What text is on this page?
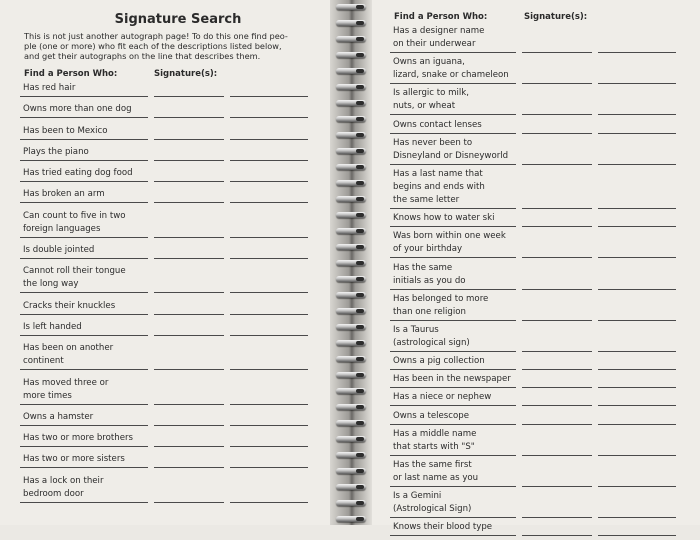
Signature Search
This is not just another autograph page! To do this one find peo-
ple (one or more) who fit each of the descriptions listed below,
and get their autographs on the line that describes them.
Find a Person Who:	Signature(s):
Has red hair
Owns more than one dog
Has been to Mexico
Plays the piano
Has tried eating dog food
Has broken an arm
Can count to five in two
foreign languages
Is double jointed
Cannot roll their tongue
the long way
Cracks their knuckles
Is left handed
Has been on another
continent
Has moved three or
more times
Owns a hamster
Has two or more brothers
Has two or more sisters
Has a lock on their
bedroom door
Find a Person Who:	Signature(s):
Has a designer name
on their underwear
Owns an iguana,
lizard, snake or chameleon
Is allergic to milk,
nuts, or wheat
Owns contact lenses
Has never been to
Disneyland or Disneyworld
Has a last name that
begins and ends with
the same letter
Knows how to water ski
Was born within one week
of your birthday
Has the same
initials as you do
Has belonged to more
than one religion
Is a Taurus
(astrological sign)
Owns a pig collection
Has been in the newspaper
Has a niece or nephew
Owns a telescope
Has a middle name
that starts with "S"
Has the same first
or last name as you
Is a Gemini
(Astrological Sign)
Knows their blood type
